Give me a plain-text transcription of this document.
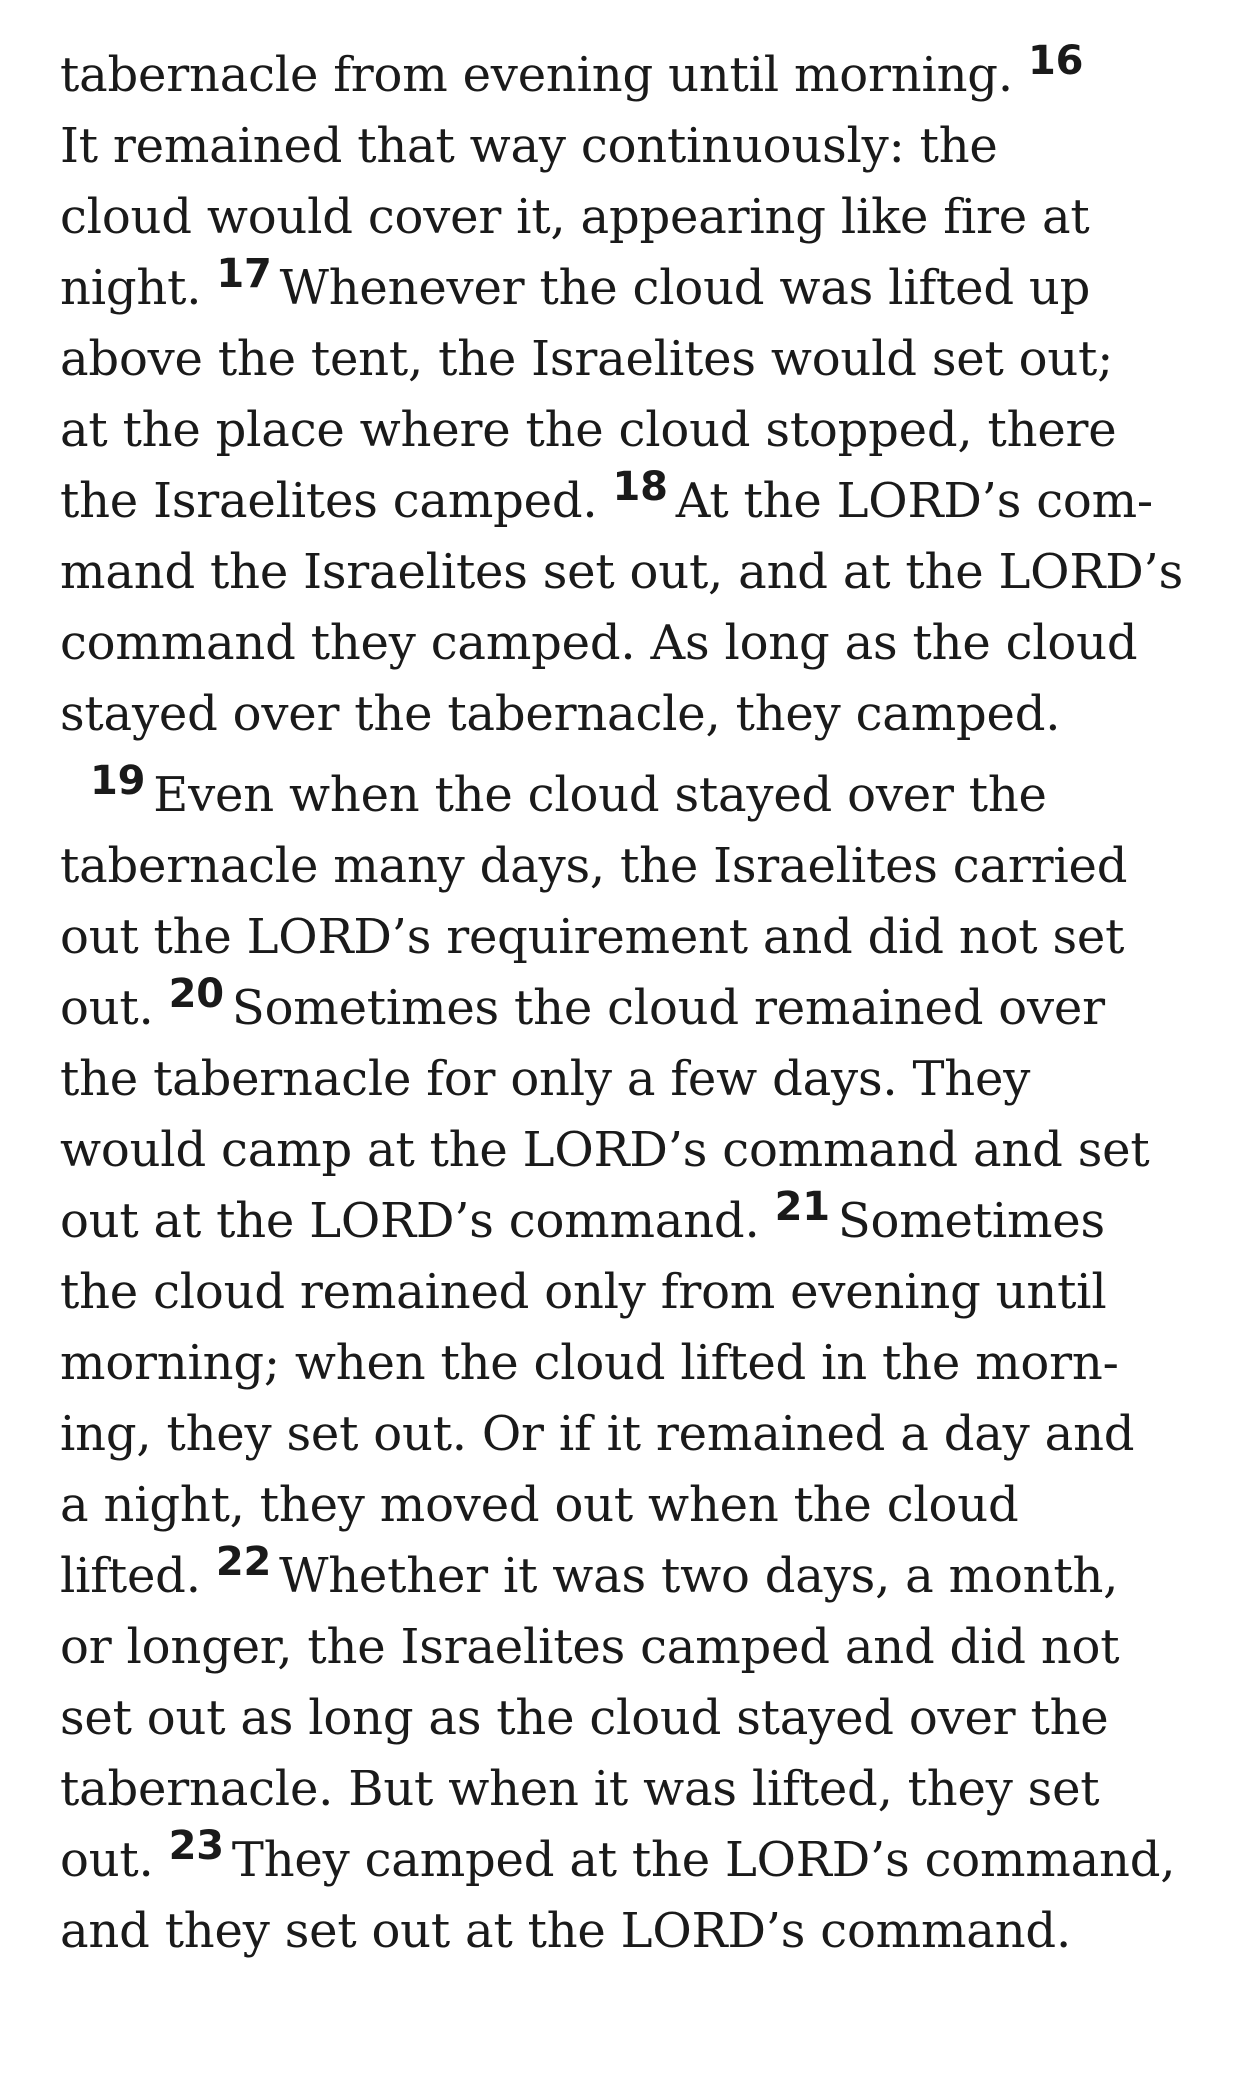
tabernacle from evening until morning. $^{16}$
It remained that way continuously: the
cloud would cover it, appearing like fire at
night. $^{17}$ Whenever the cloud was lifted up
above the tent, the Israelites would set out;
at the place where the cloud stopped, there
the Israelites camped. $^{18}$ At the LORD’s com-
mand the Israelites set out, and at the LORD’s
command they camped. As long as the cloud
stayed over the tabernacle, they camped.
$^{19}$ Even when the cloud stayed over the
tabernacle many days, the Israelites carried
out the LORD’s requirement and did not set
out. $^{20}$ Sometimes the cloud remained over
the tabernacle for only a few days. They
would camp at the LORD’s command and set
out at the LORD’s command. $^{21}$ Sometimes
the cloud remained only from evening until
morning; when the cloud lifted in the morn-
ing, they set out. Or if it remained a day and
a night, they moved out when the cloud
lifted. $^{22}$ Whether it was two days, a month,
or longer, the Israelites camped and did not
set out as long as the cloud stayed over the
tabernacle. But when it was lifted, they set
out. $^{23}$ They camped at the LORD’s command,
and they set out at the LORD’s command.
